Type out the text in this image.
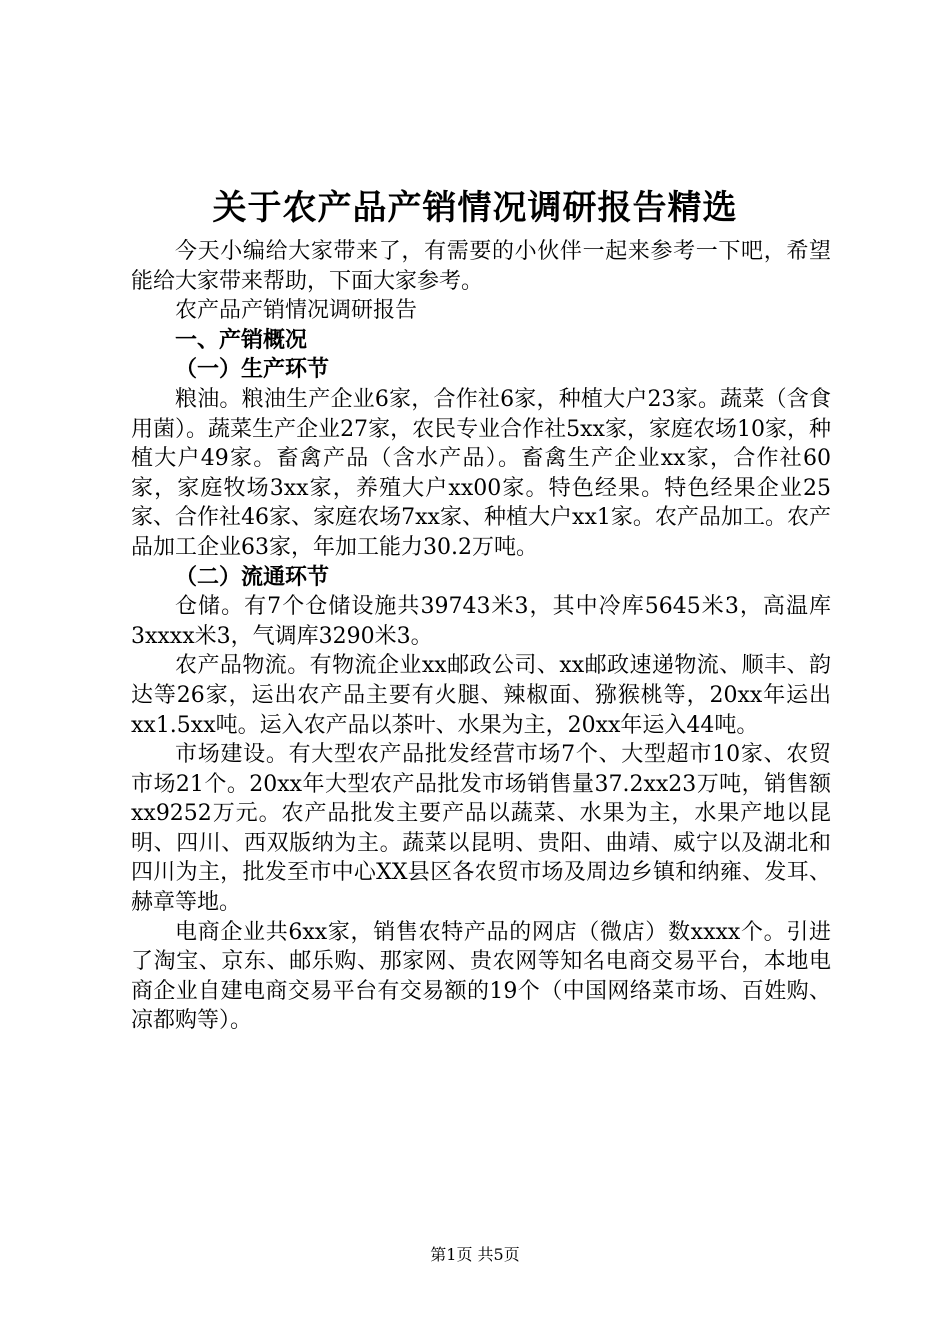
关于农产品产销情况调研报告精选

今天小编给大家带来了，有需要的小伙伴一起来参考一下吧，希望能给大家带来帮助，下面大家参考。

农产品产销情况调研报告

一、产销概况

（一）生产环节

粮油。粮油生产企业6家，合作社6家，种植大户23家。蔬菜（含食用菌）。蔬菜生产企业27家，农民专业合作社5xx家，家庭农场10家，种植大户49家。畜禽产品（含水产品）。畜禽生产企业xx家，合作社60家，家庭牧场3xx家，养殖大户xx00家。特色经果。特色经果企业25家、合作社46家、家庭农场7xx家、种植大户xx1家。农产品加工。农产品加工企业63家，年加工能力30.2万吨。

（二）流通环节

仓储。有7个仓储设施共39743米3，其中冷库5645米3，高温库3xxxx米3，气调库3290米3。

农产品物流。有物流企业xx邮政公司、xx邮政速递物流、顺丰、韵达等26家，运出农产品主要有火腿、辣椒面、猕猴桃等，20xx年运出xx1.5xx吨。运入农产品以茶叶、水果为主，20xx年运入44吨。

市场建设。有大型农产品批发经营市场7个、大型超市10家、农贸市场21个。20xx年大型农产品批发市场销售量37.2xx23万吨，销售额xx9252万元。农产品批发主要产品以蔬菜、水果为主，水果产地以昆明、四川、西双版纳为主。蔬菜以昆明、贵阳、曲靖、威宁以及湖北和四川为主，批发至市中心XX县区各农贸市场及周边乡镇和纳雍、发耳、赫章等地。

电商企业共6xx家，销售农特产品的网店（微店）数xxxx个。引进了淘宝、京东、邮乐购、那家网、贵农网等知名电商交易平台，本地电商企业自建电商交易平台有交易额的19个（中国网络菜市场、百姓购、凉都购等）。

第1页 共5页
